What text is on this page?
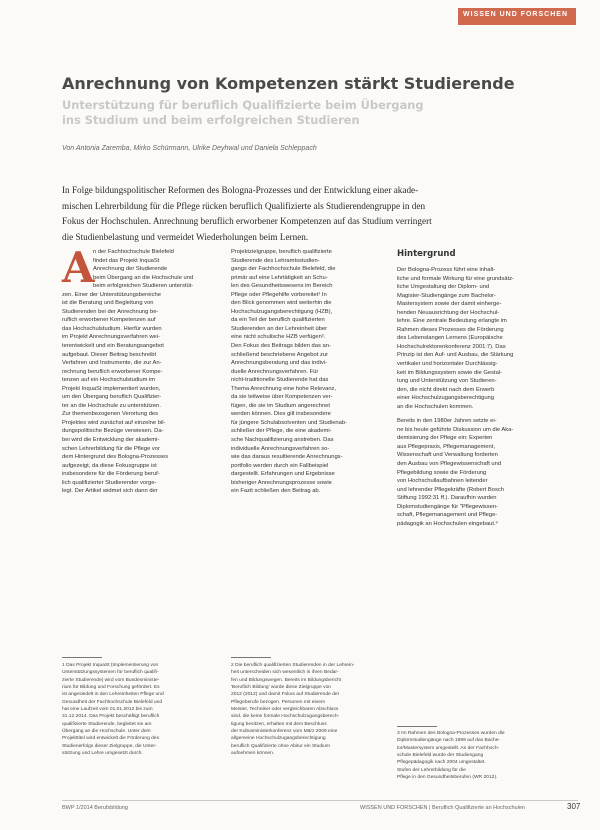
WISSEN UND FORSCHEN
Anrechnung von Kompetenzen stärkt Studierende
Unterstützung für beruflich Qualifizierte beim Übergang
ins Studium und beim erfolgreichen Studieren

Von Antonia Zaremba, Mirko Schürmann, Ulrike Deyhwal und Daniela Schleppach

In Folge bildungspolitischer Reformen des Bologna-Prozesses und der Entwicklung einer akade-
mischen Lehrerbildung für die Pflege rücken beruflich Qualifizierte als Studierendengruppe in den
Fokus der Hochschulen. Anrechnung beruflich erworbener Kompetenzen auf das Studium verringert
die Studienbelastung und vermeidet Wiederholungen beim Lernen.
A
n der Fachhochschule Bielefeld
findet das Projekt InquaSt
Anrechnung der Studierende
beim Übergang an die Hochschule und
beim erfolgreichen Studieren unterstüt-
zen. Einer der Unterstützungsbereiche
ist die Beratung und Begleitung von
Studierenden bei der Anrechnung be-
ruflich erworbener Kompetenzen auf
das Hochschulstudium. Hierfür wurden
im Projekt Anrechnungsverfahren wei-
terentwickelt und ein Beratungsangebot
aufgebaut. Dieser Beitrag beschreibt
Verfahren und Instrumente, die zur An-
rechnung beruflich erworbener Kompe-
tenzen auf ein Hochschulstudium im
Projekt InquaSt implementiert wurden,
um den Übergang beruflich Qualifizier-
ter an die Hochschule zu unterstützen.
Zur themenbezogenen Verortung des
Projektes wird zunächst auf einzelne bil-
dungspolitische Bezüge verwiesen. Da-
bei wird die Entwicklung der akademi-
schen Lehrerbildung für die Pflege vor
dem Hintergrund des Bologna-Prozesses
aufgezeigt, da diese Fokusgruppe ist
insbesondere für die Förderung beruf-
lich qualifizierter Studierender vorge-
legt. Der Artikel widmet sich dann der
Projektzielgruppe, beruflich qualifizierte
Studierende des Lehramtsstudien-
gangs der Fachhochschule Bielefeld, die
primär auf eine Lehrtätigkeit an Schu-
len des Gesundheitswesens im Bereich
Pflege oder Pflegehilfe vorbereitet¹ In
den Blick genommen wird weiterhin die
Hochschulzugangsberechtigung (HZB),
da ein Teil der beruflich qualifizierten
Studierenden an der Lehreinheit über
eine nicht schulische HZB verfügen².
Den Fokus des Beitrags bilden das an-
schließend beschriebene Angebot zur
Anrechnungsberatung und das indivi-
duelle Anrechnungsverfahren. Für
nicht-traditionelle Studierende hat das
Thema Anrechnung eine hohe Relevanz,
da sie teilweise über Kompetenzen ver-
fügen, die sie im Studium angerechnet
werden können. Dies gilt insbesondere
für jüngere Schulabsolventen und Studienab-
schließer der Pflege, die eine akademi-
sche Nachqualifizierung anstreben. Das
individuelle Anrechnungsverfahren so-
wie das daraus resultierende Anrechnungs-
portfolio werden durch ein Fallbeispiel
dargestellt. Erfahrungen und Ergebnisse
bisheriger Anrechnungsprozesse sowie
ein Fazit schließen den Beitrag ab.
Hintergrund
Der Bologna-Prozess führt eine inhalt-
liche und formale Wirkung für eine grundsätz-
liche Umgestaltung der Diplom- und
Magister-Studiengänge zum Bachelor-
Mastersystem sowie der damit einherge-
henden Neuausrichtung der Hochschul-
lehre. Eine zentrale Bedeutung erlangte im
Rahmen dieses Prozesses die Förderung
des Lebenslangen Lernens (Europäische
Hochschulrektorenkonferenz 2001:7). Das
Prinzip ist den Auf- und Ausbau, die Stärkung
vertikaler und horizontaler Durchlässig-
keit im Bildungssystem sowie die Gestal-
tung und Unterstützung von Studieren-
den, die nicht direkt nach dem Erwerb
einer Hochschulzugangsberechtigung
an die Hochschulen kommen.
Bereits in den 1980er Jahren setzte ei-
ne bis heute geführte Diskussion um die Aka-
demisierung der Pflege ein: Experten
aus Pflegepraxis, Pflegemanagement,
Wissenschaft und Verwaltung forderten
den Ausbau von Pflegewissenschaft und
Pflegebildung sowie die Förderung
von Hochschullaufbahnen leitender
und lehrender Pflegekräfte (Robert Bosch
Stiftung 1992:31 ff.). Daraufhin wurden
Diplomstudiengänge für "Pflegewissen-
schaft, Pflegemanagement und Pflege-
pädagogik an Hochschulen eingebaut.³
1 Das Projekt InquaSt (Implementierung von
Unterstützungssystemen für beruflich qualifi-
zierte Studierende) wird vom Bundesministe-
rium für Bildung und Forschung gefördert. Es
ist angesiedelt in den Lehreinheiten Pflege und
Gesundheit der Fachhochschule Bielefeld und
hat eine Laufzeit vom 01.01.2012 bis zum
31.12.2014. Das Projekt beschäftigt beruflich
qualifizierte Studierende, begleitet sie am
Übergang an die Hochschule. Unter dem
Projekttitel wird entwickelt die Förderung des
Studienerfolgs dieser Zielgruppe, die Unter-
stützung und Lehre umgesetzt durch.
2 Die beruflich qualifizierten Studierenden in der Lehrein-
heit unterscheiden sich wesentlich in ihren Bedar-
fen und Bildungswegen. Bereits im Bildungsbericht
'Beruflich Bildung' wurde diese Zielgruppe von
2012 (2012) und damit Fokus auf Studierende der
Pflegeberufe bezogen. Personen mit einem
Meister, Techniker oder vergleichbaren Abschluss
sind, die keine formale Hochschulzugangsberech-
tigung besitzen, erhalten mit dem Beschluss
der Kultusministerkonferenz vom März 2009 eine
allgemeine Hochschulzugangsberechtigung
beruflich Qualifizierte ohne Abitur ein Studium
aufnehmen können.
3 Im Rahmen des Bologna-Prozesses wurden die
Diplomstudiengänge nach 1999 auf das Bache-
lor/Mastersystem umgestellt. An der Fachhoch-
schule Bielefeld wurde der Studiengang
Pflegepädagogik nach 2004 umgestaltet.
Stufen der Lehrerbildung für die
Pflege in den Gesundheitsberufen (WR 2012).
BWP 1/2014 Berufsbildung	WISSEN UND FORSCHEN | Beruflich Qualifizierte an Hochschulen	307
